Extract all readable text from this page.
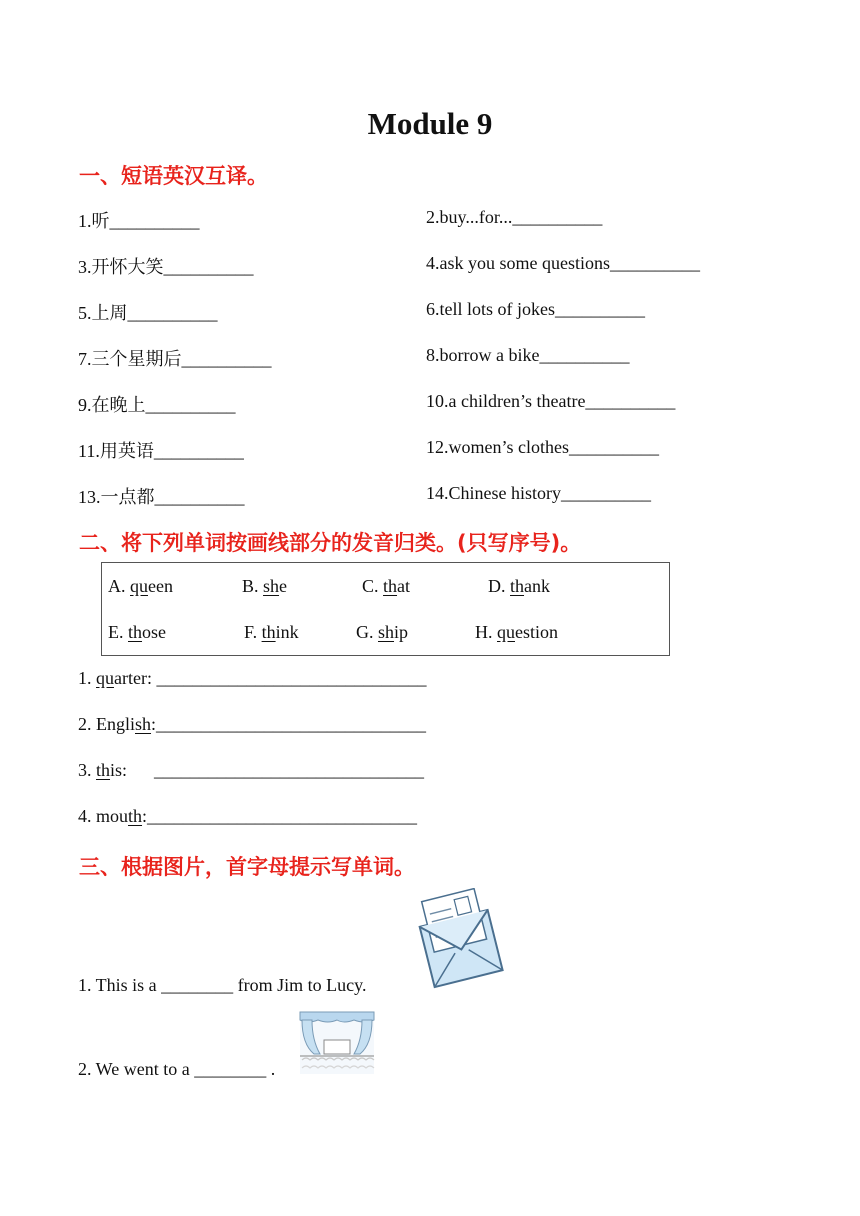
Module 9
一、短语英汉互译。
1.听__________	2.buy...for...__________
3.开怀大笑__________	4.ask you some questions__________
5.上周__________	6.tell lots of jokes__________
7.三个星期后__________	8.borrow a bike__________
9.在晚上__________	10.a children’s theatre__________
11.用英语__________	12.women’s clothes__________
13.一点都__________	14.Chinese history__________
二、将下列单词按画线部分的发音归类。(只写序号)。
A. queen	B. she	C. that	D. thank
E. those	F. think	G. ship	H. question
1. quarter: ______________________________
2. English:______________________________
3. this:      ______________________________
4. mouth:______________________________
三、根据图片，首字母提示写单词。
1. This is a ________ from Jim to Lucy.
2. We went to a ________ .
